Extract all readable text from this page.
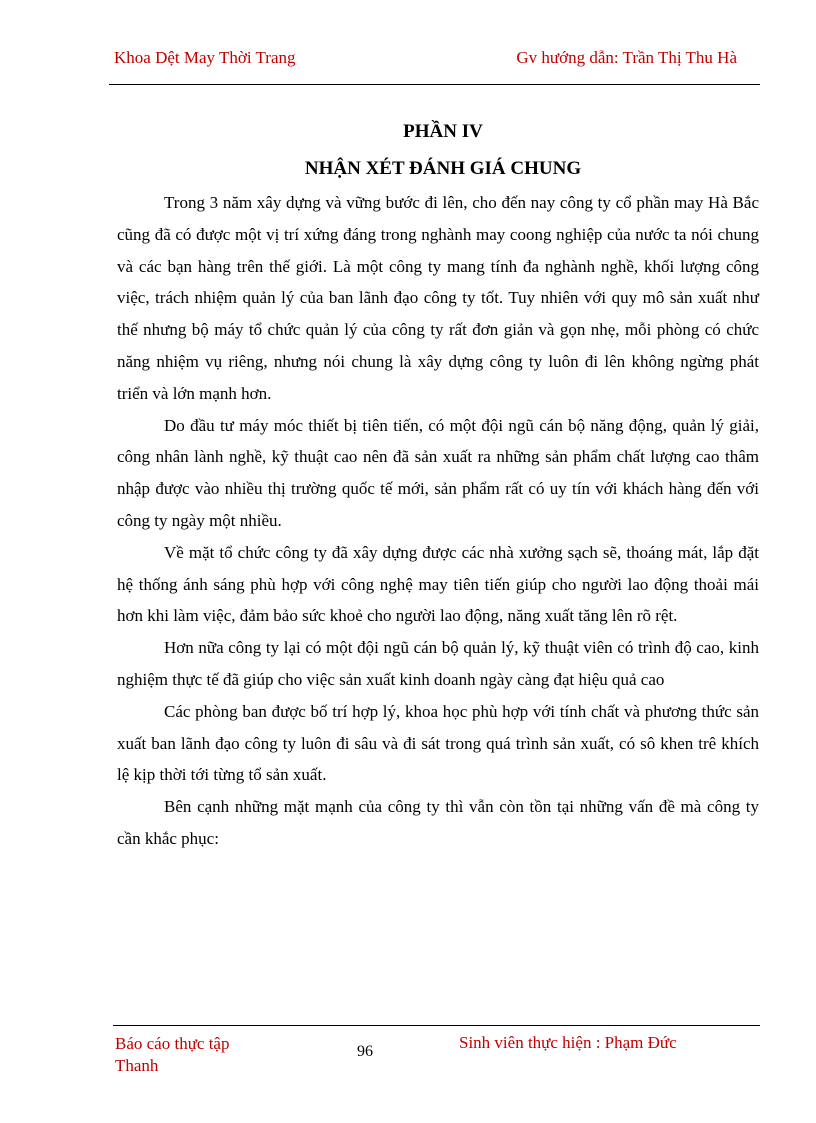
Khoa Dệt May Thời Trang	Gv hướng dẫn: Trần Thị Thu Hà
PHẦN IV
NHẬN XÉT ĐÁNH GIÁ CHUNG

Trong 3 năm xây dựng và vững bước đi lên, cho đến nay công ty cổ phần may Hà Bắc cũng đã có được một vị trí xứng đáng trong nghành may coong nghiệp của nước ta nói chung và các bạn hàng trên thế giới. Là một công ty mang tính đa nghành nghề, khối lượng công việc, trách nhiệm quản lý của ban lãnh đạo công ty tốt. Tuy nhiên với quy mô sản xuất như thế nhưng bộ máy tổ chức quản lý của công ty rất đơn giản và gọn nhẹ, mỗi phòng có chức năng nhiệm vụ riêng, nhưng nói chung là xây dựng công ty luôn đi lên không ngừng phát triển và lớn mạnh hơn.

Do đầu tư máy móc thiết bị tiên tiến, có một đội ngũ cán bộ năng động, quản lý giải, công nhân lành nghề, kỹ thuật cao nên đã sản xuất ra những sản phẩm chất lượng cao thâm nhập được vào nhiều thị trường quốc tế mới, sản phẩm rất có uy tín với khách hàng đến với công ty ngày một nhiều.

Về mặt tổ chức công ty đã xây dựng được các nhà xưởng sạch sẽ, thoáng mát, lắp đặt hệ thống ánh sáng phù hợp với công nghệ may tiên tiến giúp cho người lao động thoải mái hơn khi làm việc, đảm bảo sức khoẻ cho người lao động, năng xuất tăng lên rõ rệt.

Hơn nữa công ty lại có một đội ngũ cán bộ quản lý, kỹ thuật viên có trình độ cao, kinh nghiệm thực tế đã giúp cho việc sản xuất kinh doanh ngày càng đạt hiệu quả cao

Các phòng ban được bố trí hợp lý, khoa học phù hợp với tính chất và phương thức sản xuất ban lãnh đạo công ty luôn đi sâu và đi sát trong quá trình sản xuất, có sô khen trê khích lệ kịp thời tới từng tổ sản xuất.

Bên cạnh những mặt mạnh của công ty thì vẫn còn tồn tại những vấn đề mà công ty cần khắc phục:

Báo cáo thực tập Thanh
96	Sinh viên thực hiện : Phạm Đức
